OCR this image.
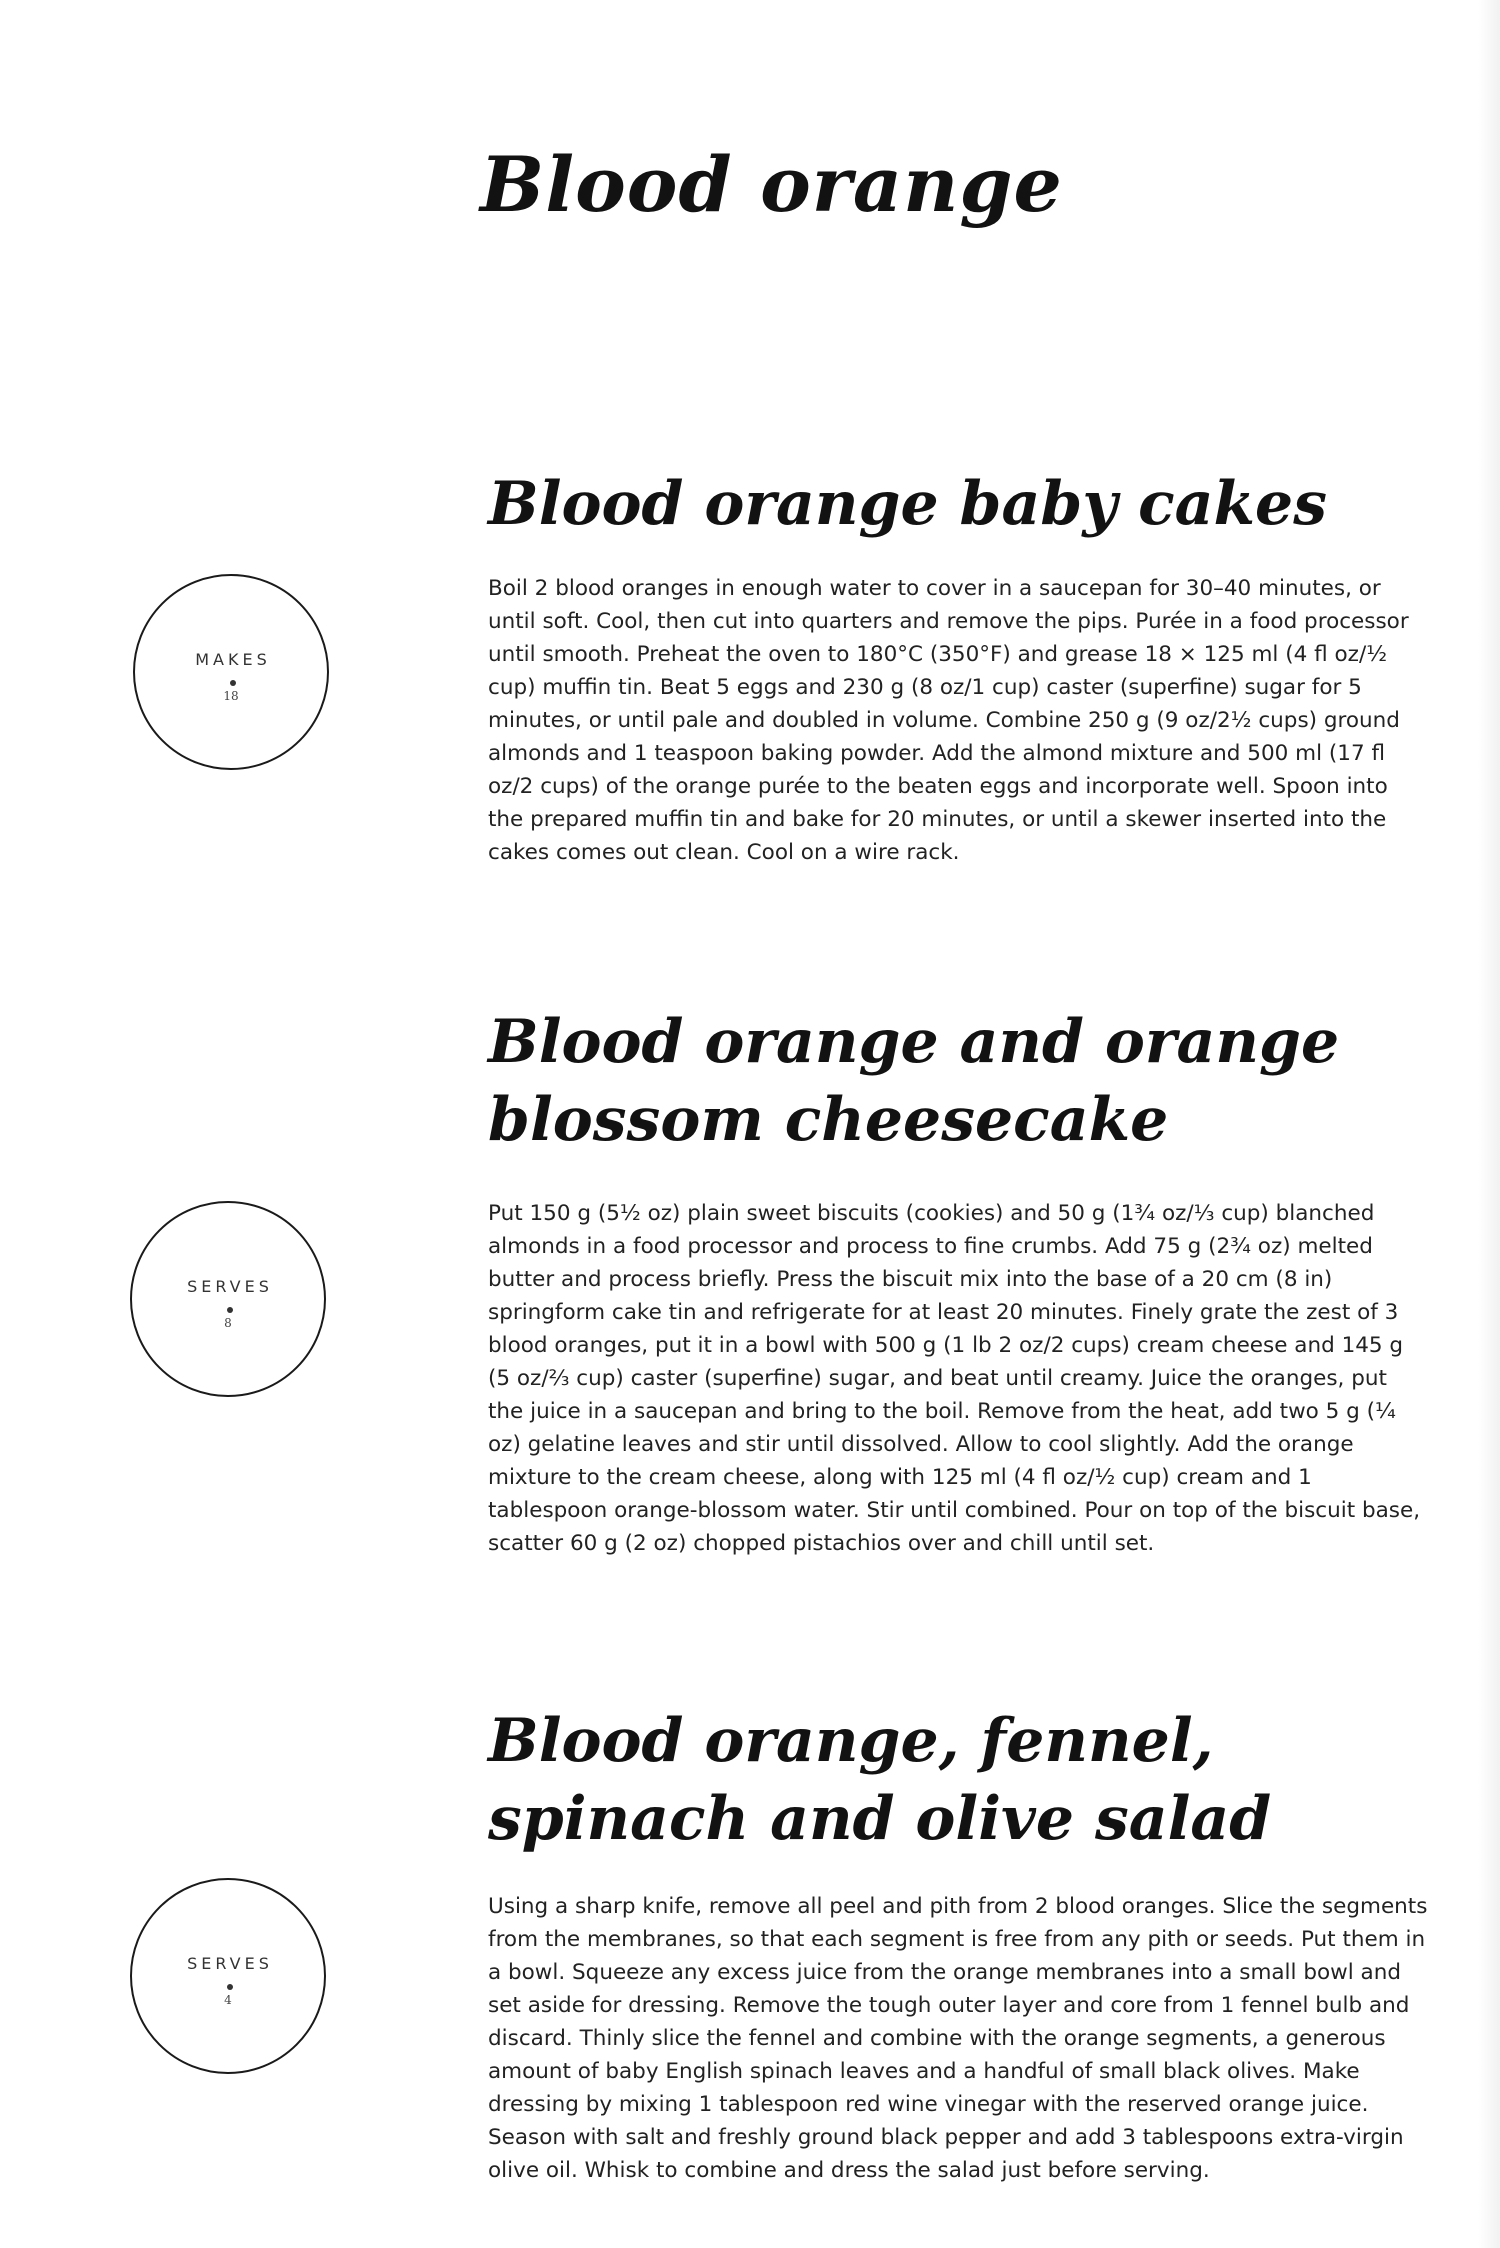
Blood orange
Blood orange baby cakes
MAKES
18

Boil 2 blood oranges in enough water to cover in a saucepan for 30–40 minutes, or until soft. Cool, then cut into quarters and remove the pips. Purée in a food processor until smooth. Preheat the oven to 180°C (350°F) and grease 18 × 125 ml (4 fl oz/½ cup) muffin tin. Beat 5 eggs and 230 g (8 oz/1 cup) caster (superfine) sugar for 5 minutes, or until pale and doubled in volume. Combine 250 g (9 oz/2½ cups) ground almonds and 1 teaspoon baking powder. Add the almond mixture and 500 ml (17 fl oz/2 cups) of the orange purée to the beaten eggs and incorporate well. Spoon into the prepared muffin tin and bake for 20 minutes, or until a skewer inserted into the cakes comes out clean. Cool on a wire rack.

Blood orange and orange
blossom cheesecake
SERVES
8

Put 150 g (5½ oz) plain sweet biscuits (cookies) and 50 g (1¾ oz/⅓ cup) blanched almonds in a food processor and process to fine crumbs. Add 75 g (2¾ oz) melted butter and process briefly. Press the biscuit mix into the base of a 20 cm (8 in) springform cake tin and refrigerate for at least 20 minutes. Finely grate the zest of 3 blood oranges, put it in a bowl with 500 g (1 lb 2 oz/2 cups) cream cheese and 145 g (5 oz/⅔ cup) caster (superfine) sugar, and beat until creamy. Juice the oranges, put the juice in a saucepan and bring to the boil. Remove from the heat, add two 5 g (¼ oz) gelatine leaves and stir until dissolved. Allow to cool slightly. Add the orange mixture to the cream cheese, along with 125 ml (4 fl oz/½ cup) cream and 1 tablespoon orange-blossom water. Stir until combined. Pour on top of the biscuit base, scatter 60 g (2 oz) chopped pistachios over and chill until set.

Blood orange, fennel,
spinach and olive salad
SERVES
4

Using a sharp knife, remove all peel and pith from 2 blood oranges. Slice the segments from the membranes, so that each segment is free from any pith or seeds. Put them in a bowl. Squeeze any excess juice from the orange membranes into a small bowl and set aside for dressing. Remove the tough outer layer and core from 1 fennel bulb and discard. Thinly slice the fennel and combine with the orange segments, a generous amount of baby English spinach leaves and a handful of small black olives. Make dressing by mixing 1 tablespoon red wine vinegar with the reserved orange juice. Season with salt and freshly ground black pepper and add 3 tablespoons extra-virgin olive oil. Whisk to combine and dress the salad just before serving.
